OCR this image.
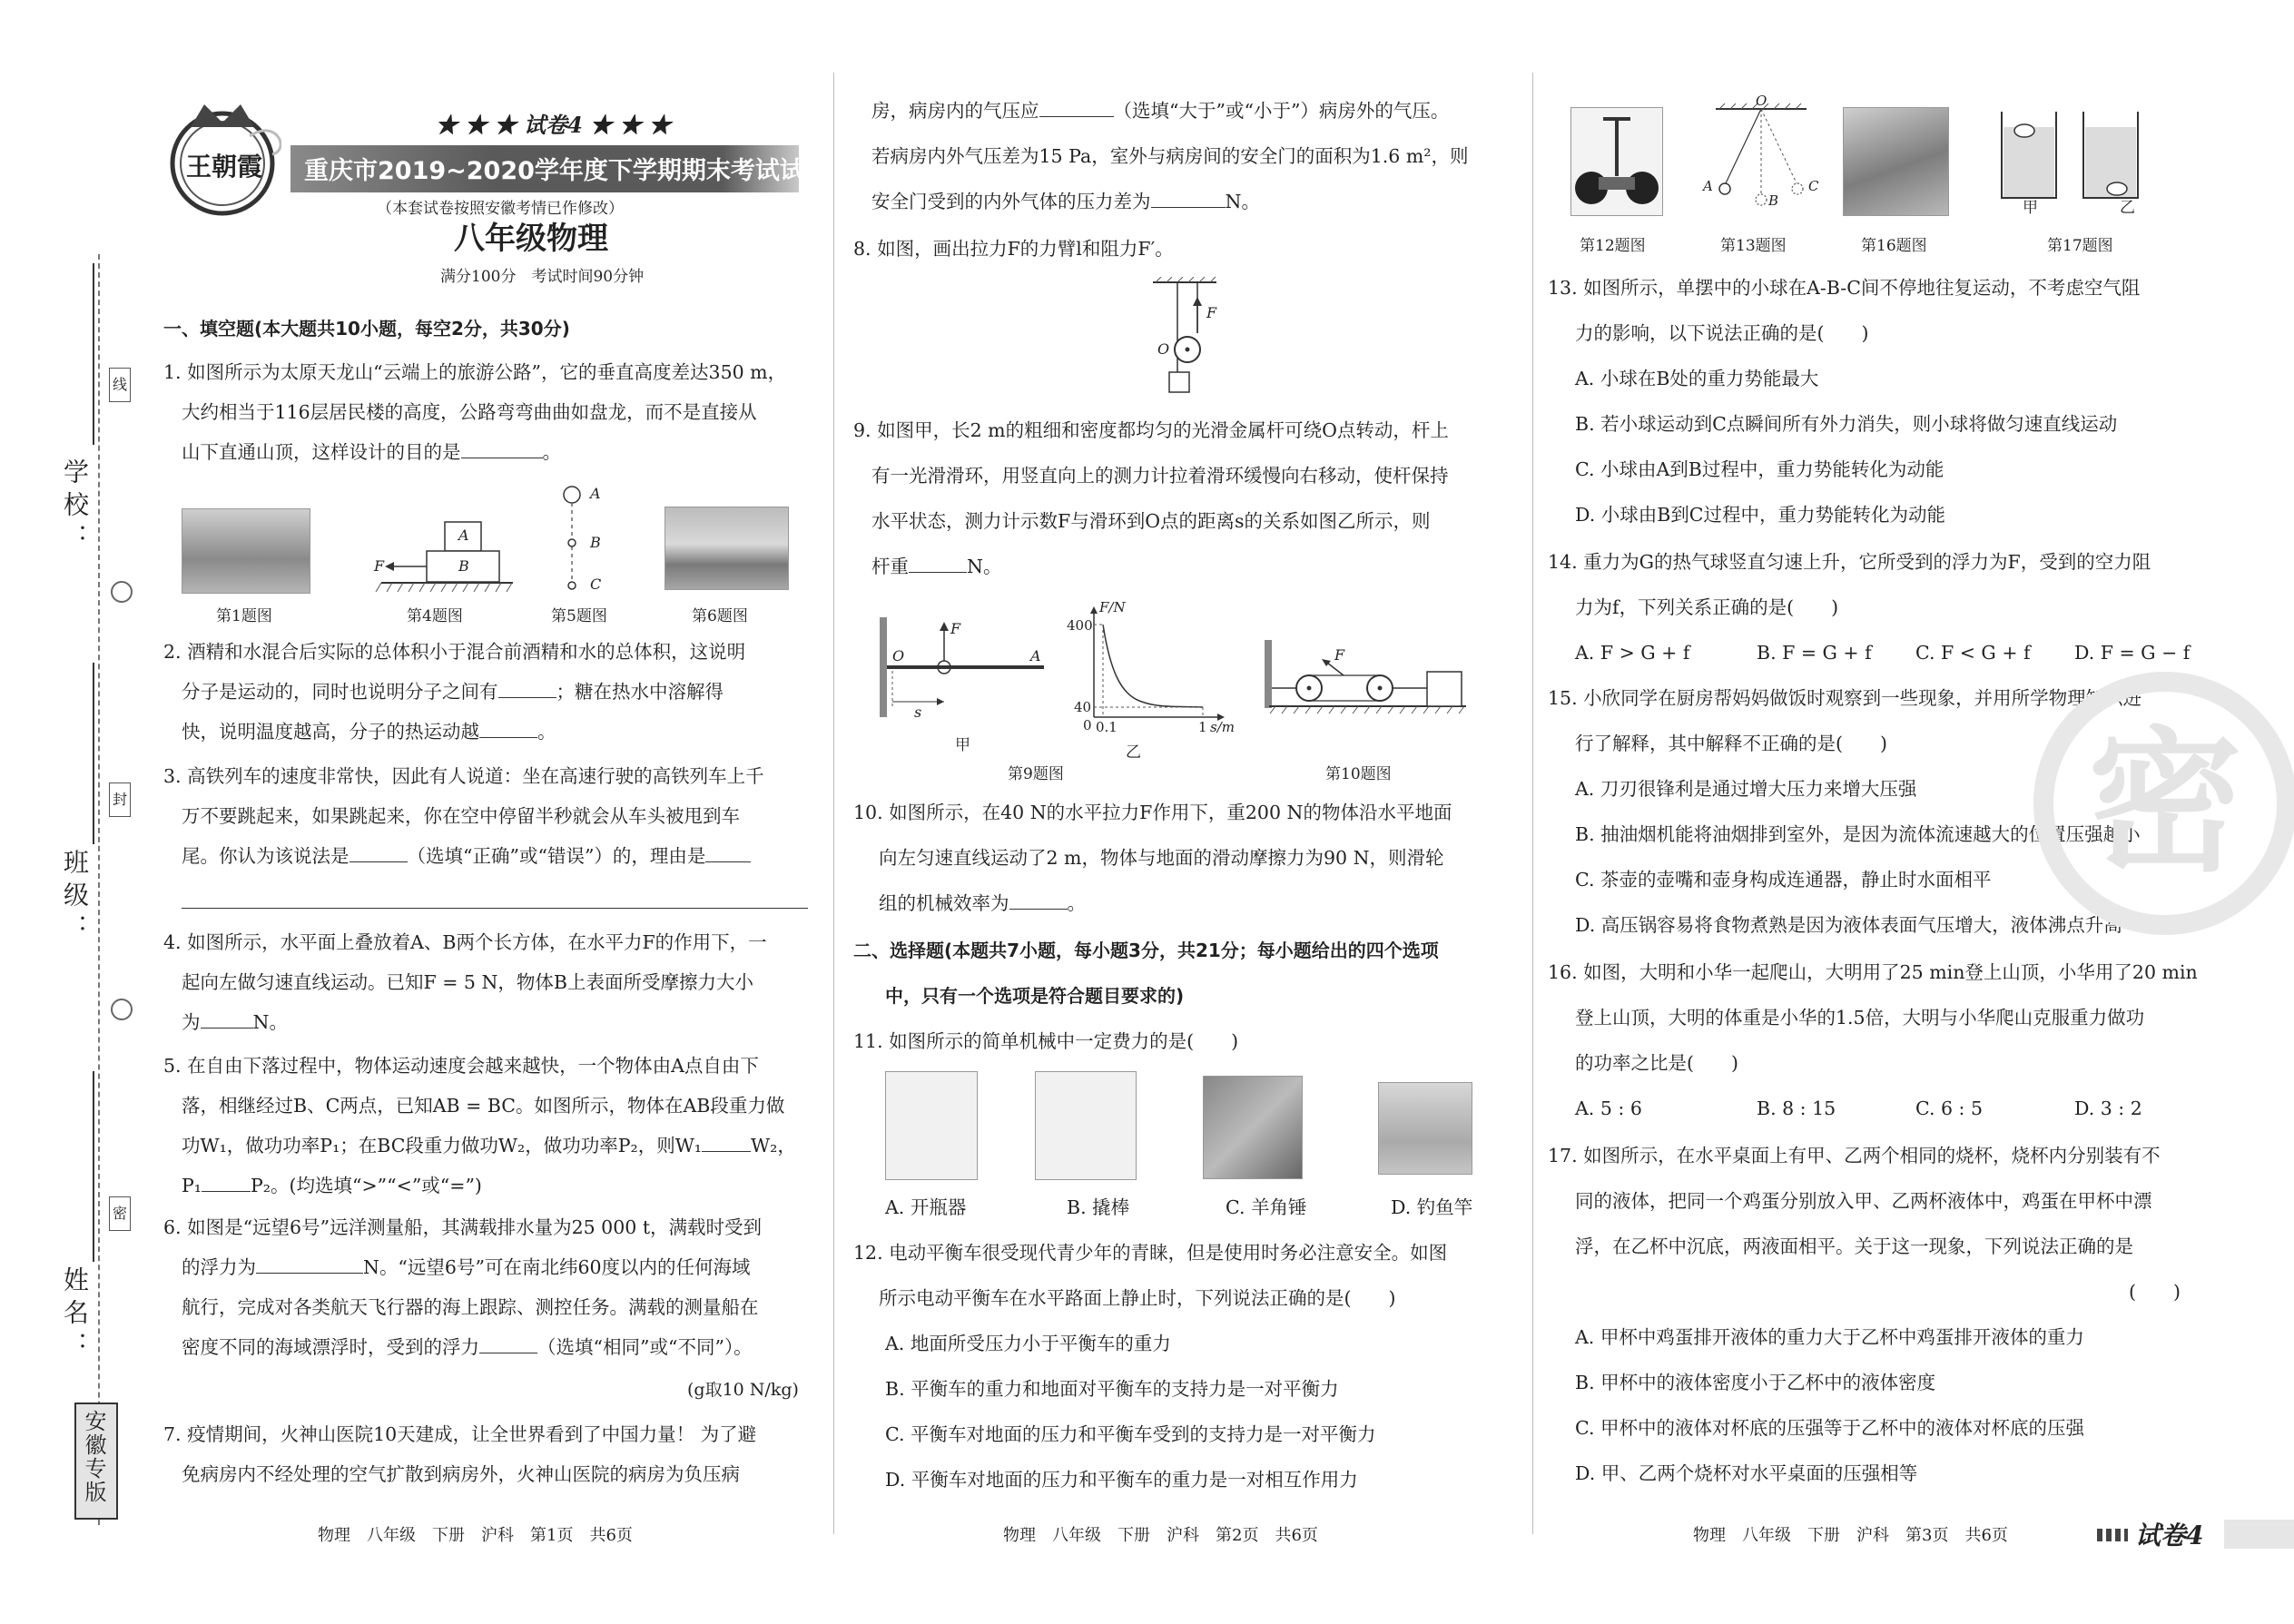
学校：
班级：
姓名：
线
封
密
安徽专版
王朝霞
★ ★ ★ 试卷4 ★ ★ ★
重庆市2019~2020学年度下学期期末考试试卷
（本套试卷按照安徽考情已作修改）
八年级物理
满分100分　考试时间90分钟
一、填空题(本大题共10小题，每空2分，共30分)
1. 如图所示为太原天龙山“云端上的旅游公路”，它的垂直高度差达350 m，
大约相当于116层居民楼的高度，公路弯弯曲曲如盘龙，而不是直接从
山下直通山顶，这样设计的目的是	。
A
B
F
A
B
C
第1题图	第4题图	第5题图	第6题图
2. 酒精和水混合后实际的总体积小于混合前酒精和水的总体积，这说明
分子是运动的，同时也说明分子之间有	；糖在热水中溶解得
快，说明温度越高，分子的热运动越	。
3. 高铁列车的速度非常快，因此有人说道：坐在高速行驶的高铁列车上千
万不要跳起来，如果跳起来，你在空中停留半秒就会从车头被甩到车
尾。你认为该说法是	（选填“正确”或“错误”）的，理由是
4. 如图所示，水平面上叠放着A、B两个长方体，在水平力F的作用下，一
起向左做匀速直线运动。已知F = 5 N，物体B上表面所受摩擦力大小
为	N。
5. 在自由下落过程中，物体运动速度会越来越快，一个物体由A点自由下
落，相继经过B、C两点，已知AB = BC。如图所示，物体在AB段重力做
功W₁，做功功率P₁；在BC段重力做功W₂，做功功率P₂，则W₁	W₂，
P₁	P₂。(均选填“>”“<”或“=”)
6. 如图是“远望6号”远洋测量船，其满载排水量为25 000 t，满载时受到
的浮力为	N。“远望6号”可在南北纬60度以内的任何海域
航行，完成对各类航天飞行器的海上跟踪、测控任务。满载的测量船在
密度不同的海域漂浮时，受到的浮力	（选填“相同”或“不同”）。
(g取10 N/kg)
7. 疫情期间，火神山医院10天建成，让全世界看到了中国力量！ 为了避
免病房内不经处理的空气扩散到病房外，火神山医院的病房为负压病
物理　八年级　下册　沪科　第1页　共6页
房，病房内的气压应	（选填“大于”或“小于”）病房外的气压。
若病房内外气压差为15 Pa，室外与病房间的安全门的面积为1.6 m²，则
安全门受到的内外气体的压力差为	N。
8. 如图，画出拉力F的力臂l和阻力F′。
O
F
9. 如图甲，长2 m的粗细和密度都均匀的光滑金属杆可绕O点转动，杆上
有一光滑滑环，用竖直向上的测力计拉着滑环缓慢向右移动，使杆保持
水平状态，测力计示数F与滑环到O点的距离s的关系如图乙所示，则
杆重	N。
O
F
A
s
甲
F/N
400
40
0 0.1	1 s/m
乙
F
第9题图	第10题图
10. 如图所示，在40 N的水平拉力F作用下，重200 N的物体沿水平地面
向左匀速直线运动了2 m，物体与地面的滑动摩擦力为90 N，则滑轮
组的机械效率为	。
二、选择题(本题共7小题，每小题3分，共21分；每小题给出的四个选项
中，只有一个选项是符合题目要求的)
11. 如图所示的简单机械中一定费力的是(　　)
A. 开瓶器	B. 撬棒	C. 羊角锤	D. 钓鱼竿
12. 电动平衡车很受现代青少年的青睐，但是使用时务必注意安全。如图
所示电动平衡车在水平路面上静止时，下列说法正确的是(　　)
A. 地面所受压力小于平衡车的重力
B. 平衡车的重力和地面对平衡车的支持力是一对平衡力
C. 平衡车对地面的压力和平衡车受到的支持力是一对平衡力
D. 平衡车对地面的压力和平衡车的重力是一对相互作用力
物理　八年级　下册　沪科　第2页　共6页
O
A
B
C
甲	乙
第12题图	第13题图	第16题图	第17题图
13. 如图所示，单摆中的小球在A-B-C间不停地往复运动，不考虑空气阻
力的影响，以下说法正确的是(　　)
A. 小球在B处的重力势能最大
B. 若小球运动到C点瞬间所有外力消失，则小球将做匀速直线运动
C. 小球由A到B过程中，重力势能转化为动能
D. 小球由B到C过程中，重力势能转化为动能
14. 重力为G的热气球竖直匀速上升，它所受到的浮力为F，受到的空力阻
力为f，下列关系正确的是(　　)
A. F > G + f	B. F = G + f C. F < G + f D. F = G − f
15. 小欣同学在厨房帮妈妈做饭时观察到一些现象，并用所学物理知识进
行了解释，其中解释不正确的是(　　)
A. 刀刃很锋利是通过增大压力来增大压强
B. 抽油烟机能将油烟排到室外，是因为流体流速越大的位置压强越小
C. 茶壶的壶嘴和壶身构成连通器，静止时水面相平
D. 高压锅容易将食物煮熟是因为液体表面气压增大，液体沸点升高
16. 如图，大明和小华一起爬山，大明用了25 min登上山顶，小华用了20 min
登上山顶，大明的体重是小华的1.5倍，大明与小华爬山克服重力做功
的功率之比是(　　)
A. 5 : 6	B. 8 : 15	C. 6 : 5	D. 3 : 2
17. 如图所示，在水平桌面上有甲、乙两个相同的烧杯，烧杯内分别装有不
同的液体，把同一个鸡蛋分别放入甲、乙两杯液体中，鸡蛋在甲杯中漂
浮，在乙杯中沉底，两液面相平。关于这一现象，下列说法正确的是
(　　)
A. 甲杯中鸡蛋排开液体的重力大于乙杯中鸡蛋排开液体的重力
B. 甲杯中的液体密度小于乙杯中的液体密度
C. 甲杯中的液体对杯底的压强等于乙杯中的液体对杯底的压强
D. 甲、乙两个烧杯对水平桌面的压强相等
密
物理　八年级　下册　沪科　第3页　共6页	试卷4
